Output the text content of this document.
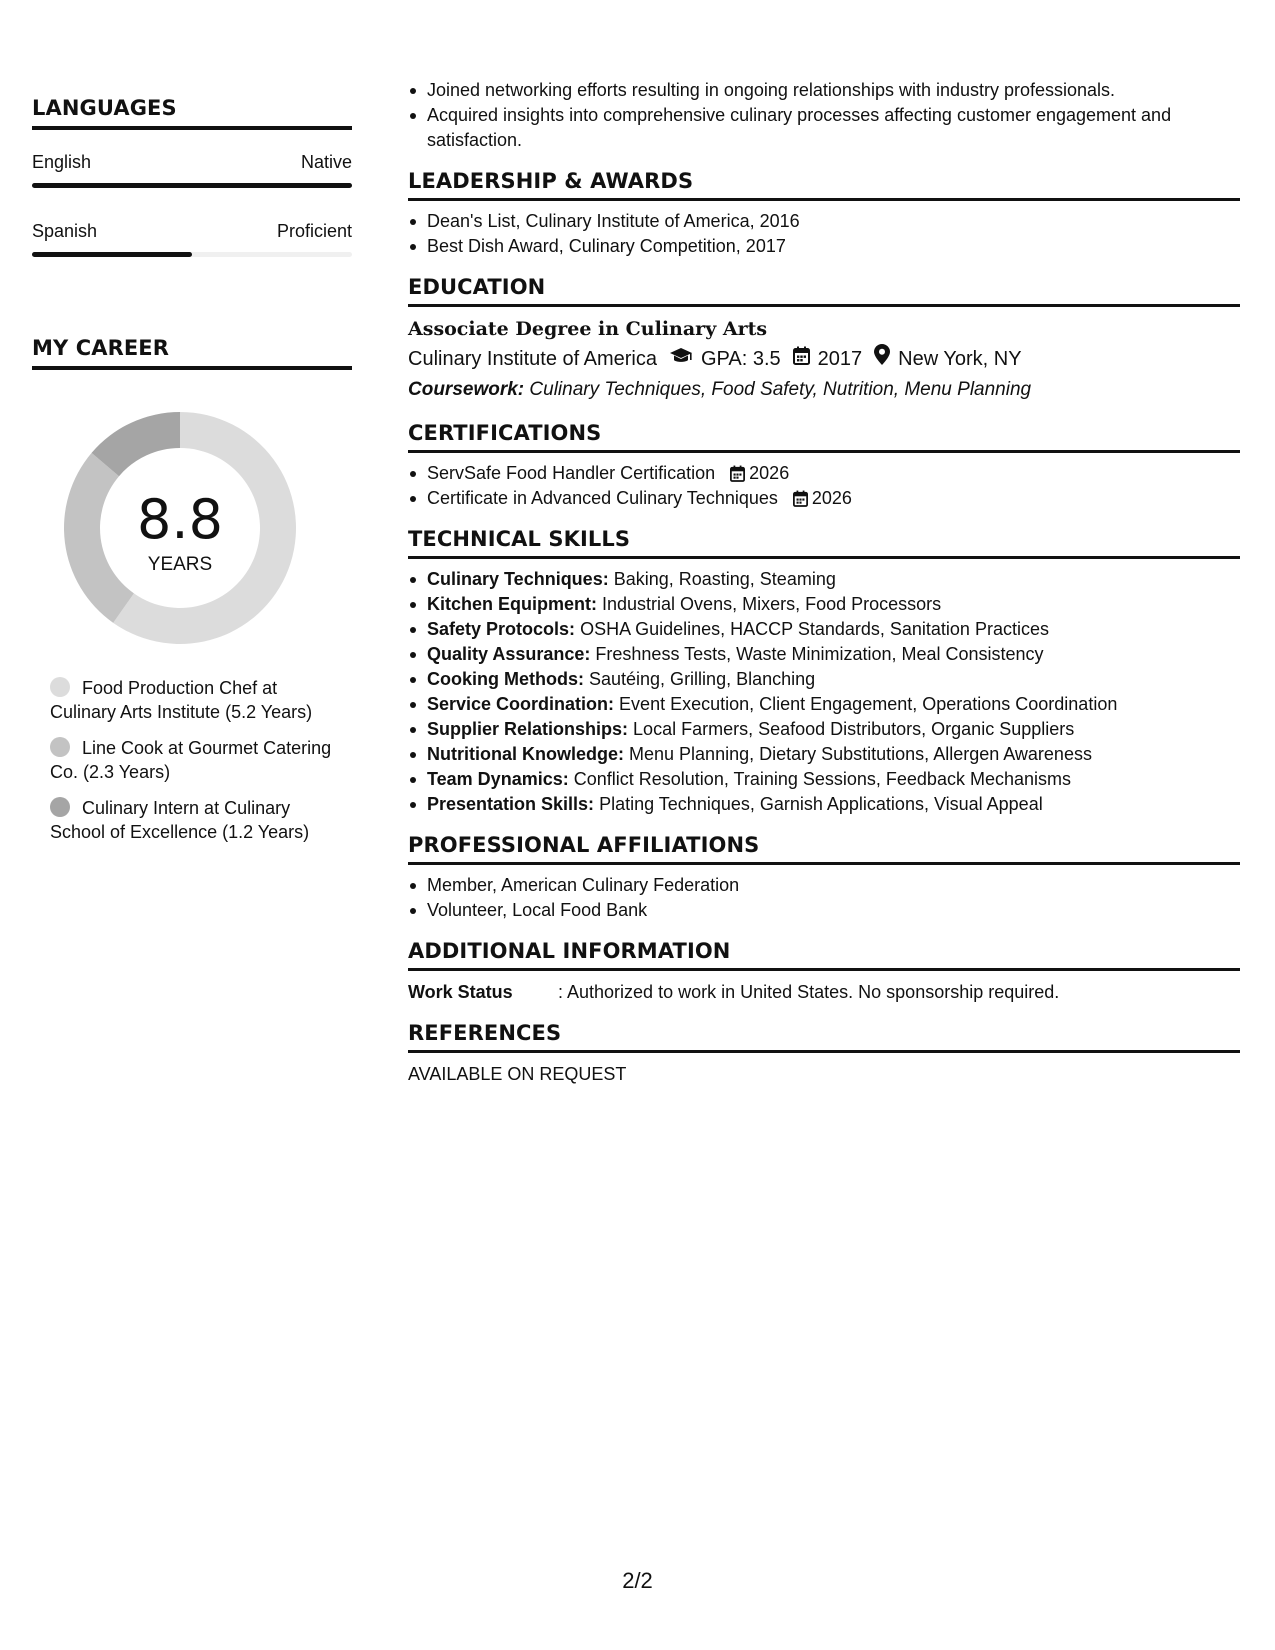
LANGUAGES
English	Native
Spanish	Proficient
MY CAREER
8.8
YEARS
Food Production Chef at Culinary Arts Institute (5.2 Years)
Line Cook at Gourmet Catering Co. (2.3 Years)
Culinary Intern at Culinary School of Excellence (1.2 Years)
Joined networking efforts resulting in ongoing relationships with industry professionals.
Acquired insights into comprehensive culinary processes affecting customer engagement and satisfaction.
LEADERSHIP & AWARDS
Dean's List, Culinary Institute of America, 2016
Best Dish Award, Culinary Competition, 2017
EDUCATION
Associate Degree in Culinary Arts
Culinary Institute of America GPA: 3.5 2017 New York, NY
Coursework: Culinary Techniques, Food Safety, Nutrition, Menu Planning
CERTIFICATIONS
ServSafe Food Handler Certification 2026
Certificate in Advanced Culinary Techniques 2026
TECHNICAL SKILLS
Culinary Techniques: Baking, Roasting, Steaming
Kitchen Equipment: Industrial Ovens, Mixers, Food Processors
Safety Protocols: OSHA Guidelines, HACCP Standards, Sanitation Practices
Quality Assurance: Freshness Tests, Waste Minimization, Meal Consistency
Cooking Methods: Sautéing, Grilling, Blanching
Service Coordination: Event Execution, Client Engagement, Operations Coordination
Supplier Relationships: Local Farmers, Seafood Distributors, Organic Suppliers
Nutritional Knowledge: Menu Planning, Dietary Substitutions, Allergen Awareness
Team Dynamics: Conflict Resolution, Training Sessions, Feedback Mechanisms
Presentation Skills: Plating Techniques, Garnish Applications, Visual Appeal
PROFESSIONAL AFFILIATIONS
Member, American Culinary Federation
Volunteer, Local Food Bank
ADDITIONAL INFORMATION
Work Status	: Authorized to work in United States. No sponsorship required.
REFERENCES
AVAILABLE ON REQUEST
2/2
